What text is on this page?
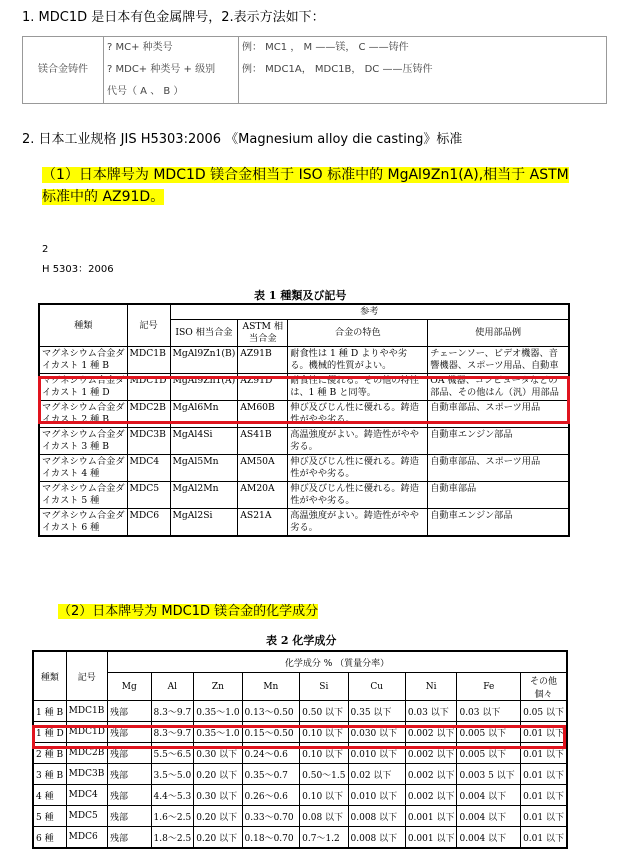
1. MDC1D 是日本有色金属牌号，2.表示方法如下：
镁合金铸件	? MC+ 种类号	例： MC1 ， M ——镁， C ——铸件
	? MDC+ 种类号 + 级别	例： MDC1A， MDC1B， DC ——压铸件
	代号（ A 、 B ）	
2. 日本工业规格 JIS H5303:2006 《Magnesium alloy die casting》标准
（1）日本牌号为 MDC1D 镁合金相当于 ISO 标准中的 MgAl9Zn1(A),相当于 ASTM
标准中的 AZ91D。
2
H 5303：2006
表 1 種類及び記号
種類	記号	参考			
		ISO 相当合金	ASTM 相当合金	合金の特色	使用部品例
マグネシウム合金ダイカスト 1 種 B	MDC1B	MgAl9Zn1(B)	AZ91B	耐食性は 1 種 D よりやや劣る。機械的性質がよい。	チェーンソー、ビデオ機器、音響機器、スポーツ用品、自動車
マグネシウム合金ダイカスト 1 種 D	MDC1D	MgAl9Zn1(A)	AZ91D	耐食性に優れる。その他の特性は、1 種 B と同等。	OA 機器、コンピュータなどの部品、その他はん（汎）用部品
マグネシウム合金ダイカスト 2 種 B	MDC2B	MgAl6Mn	AM60B	伸び及びじん性に優れる。鋳造性がやや劣る。	自動車部品、スポーツ用品
マグネシウム合金ダイカスト 3 種 B	MDC3B	MgAl4Si	AS41B	高温強度がよい。鋳造性がやや劣る。	自動車エンジン部品
マグネシウム合金ダイカスト 4 種	MDC4	MgAl5Mn	AM50A	伸び及びじん性に優れる。鋳造性がやや劣る。	自動車部品、スポーツ用品
マグネシウム合金ダイカスト 5 種	MDC5	MgAl2Mn	AM20A	伸び及びじん性に優れる。鋳造性がやや劣る。	自動車部品
マグネシウム合金ダイカスト 6 種	MDC6	MgAl2Si	AS21A	高温強度がよい。鋳造性がやや劣る。	自動車エンジン部品
（2）日本牌号为 MDC1D 镁合金的化学成分
表 2 化学成分
種類	記号	化学成分 % （質量分率）								
		Mg	Al	Zn	Mn	Si	Cu	Ni	Fe	その他個々
1 種 B	MDC1B	残部	8.3～9.7	0.35～1.0	0.13～0.50	0.50 以下	0.35 以下	0.03 以下	0.03 以下	0.05 以下
1 種 D	MDC1D	残部	8.3～9.7	0.35～1.0	0.15～0.50	0.10 以下	0.030 以下	0.002 以下	0.005 以下	0.01 以下
2 種 B	MDC2B	残部	5.5～6.5	0.30 以下	0.24～0.6	0.10 以下	0.010 以下	0.002 以下	0.005 以下	0.01 以下
3 種 B	MDC3B	残部	3.5～5.0	0.20 以下	0.35～0.7	0.50～1.5	0.02 以下	0.002 以下	0.003 5 以下	0.01 以下
4 種	MDC4	残部	4.4～5.3	0.30 以下	0.26～0.6	0.10 以下	0.010 以下	0.002 以下	0.004 以下	0.01 以下
5 種	MDC5	残部	1.6～2.5	0.20 以下	0.33～0.70	0.08 以下	0.008 以下	0.001 以下	0.004 以下	0.01 以下
6 種	MDC6	残部	1.8～2.5	0.20 以下	0.18～0.70	0.7～1.2	0.008 以下	0.001 以下	0.004 以下	0.01 以下
